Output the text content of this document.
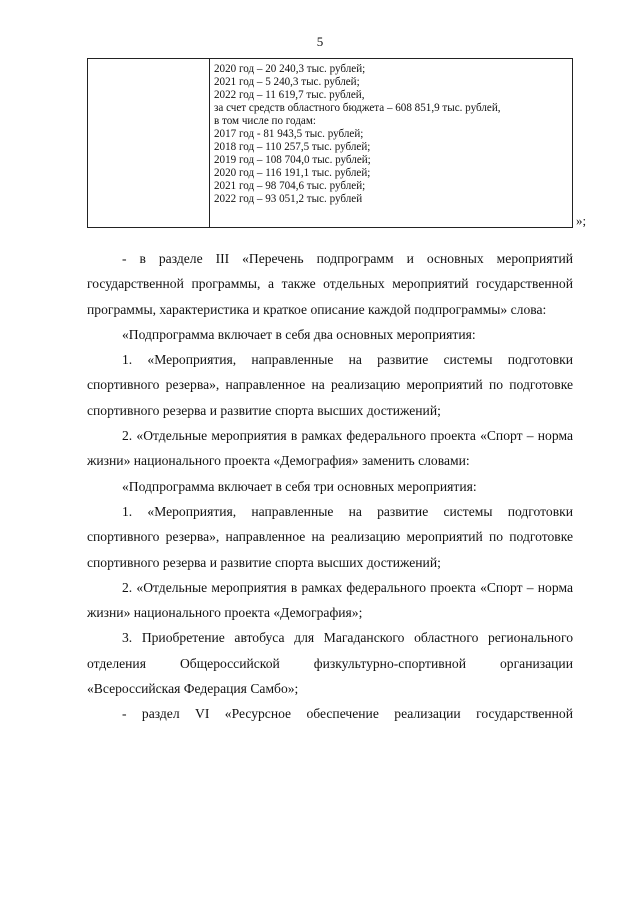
5
2020 год – 20 240,3 тыс. рублей;
2021 год – 5 240,3 тыс. рублей;
2022 год – 11 619,7 тыс. рублей,
за счет средств областного бюджета – 608 851,9 тыс. рублей,
в том числе по годам:
2017 год - 81 943,5 тыс. рублей;
2018 год – 110 257,5 тыс. рублей;
2019 год – 108 704,0 тыс. рублей;
2020 год – 116 191,1 тыс. рублей;
2021 год – 98 704,6 тыс. рублей;
2022 год – 93 051,2 тыс. рублей
»;

- в разделе III «Перечень подпрограмм и основных мероприятий государственной программы, а также отдельных мероприятий государственной программы, характеристика и краткое описание каждой подпрограммы» слова:

«Подпрограмма включает в себя два основных мероприятия:

1. «Мероприятия, направленные на развитие системы подготовки спортивного резерва», направленное на реализацию мероприятий по подготовке спортивного резерва и развитие спорта высших достижений;

2. «Отдельные мероприятия в рамках федерального проекта «Спорт – норма жизни» национального проекта «Демография» заменить словами:

«Подпрограмма включает в себя три основных мероприятия:

1. «Мероприятия, направленные на развитие системы подготовки спортивного резерва», направленное на реализацию мероприятий по подготовке спортивного резерва и развитие спорта высших достижений;

2. «Отдельные мероприятия в рамках федерального проекта «Спорт – норма жизни» национального проекта «Демография»;

3. Приобретение автобуса для Магаданского областного регионального отделения Общероссийской физкультурно-спортивной организации «Всероссийская Федерация Самбо»;

- раздел VI «Ресурсное обеспечение реализации государственной
